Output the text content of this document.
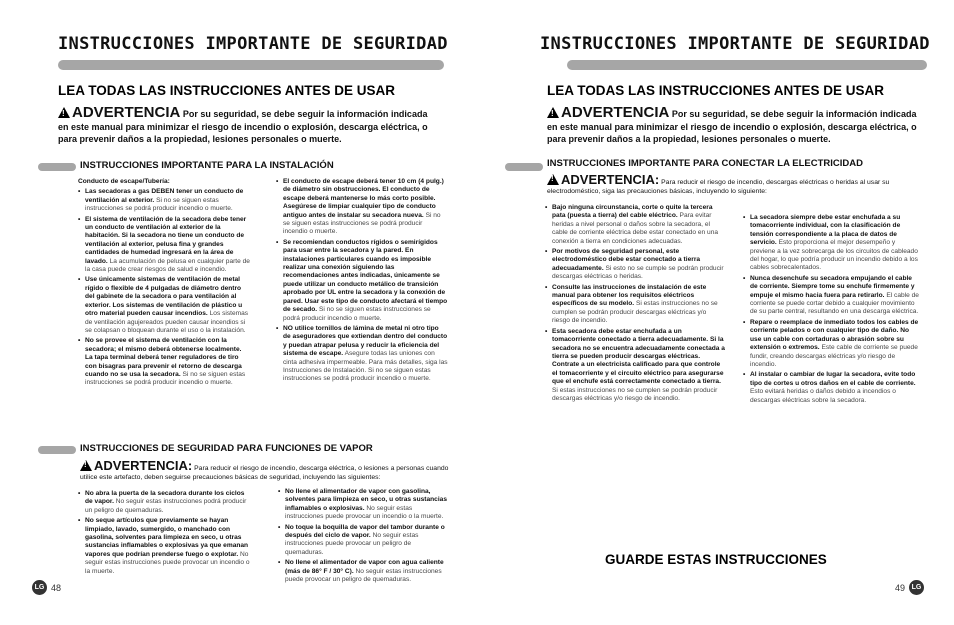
INSTRUCCIONES IMPORTANTE DE SEGURIDAD
LEA TODAS LAS INSTRUCCIONES ANTES DE USAR
!ADVERTENCIA Por su seguridad, se debe seguir la información indicada en este manual para minimizar el riesgo de incendio o explosión, descarga eléctrica, o para prevenir daños a la propiedad, lesiones personales o muerte.
INSTRUCCIONES IMPORTANTE PARA LA INSTALACIÓN
Conducto de escape/Tubería:
• Las secadoras a gas DEBEN tener un conducto de ventilación al exterior. Si no se siguen estas instrucciones se podrá producir incendio o muerte.
• El sistema de ventilación de la secadora debe tener un conducto de ventilación al exterior de la habitación. Si la secadora no tiene un conducto de ventilación al exterior, pelusa fina y grandes cantidades de humedad ingresará en la área de lavado. La acumulación de pelusa en cualquier parte de la casa puede crear riesgos de salud e incendio.
• Use únicamente sistemas de ventilación de metal rígido o flexible de 4 pulgadas de diámetro dentro del gabinete de la secadora o para ventilación al exterior. Los sistemas de ventilación de plástico u otro material pueden causar incendios. Los sistemas de ventilación agujereados pueden causar incendios si se colapsan o bloquean durante el uso o la instalación.
• No se provee el sistema de ventilación con la secadora; el mismo deberá obtenerse localmente. La tapa terminal deberá tener reguladores de tiro con bisagras para prevenir el retorno de descarga cuando no se usa la secadora. Si no se siguen estas instrucciones se podrá producir incendio o muerte.
• El conducto de escape deberá tener 10 cm (4 pulg.) de diámetro sin obstrucciones. El conducto de escape deberá mantenerse lo más corto posible. Asegúrese de limpiar cualquier tipo de conducto antiguo antes de instalar su secadora nueva. Si no se siguen estas instrucciones se podrá producir incendio o muerte.
• Se recomiendan conductos rígidos o semirígidos para usar entre la secadora y la pared. En instalaciones particulares cuando es imposible realizar una conexión siguiendo las recomendaciones antes indicadas, únicamente se puede utilizar un conducto metálico de transición aprobado por UL entre la secadora y la conexión de pared. Usar este tipo de conducto afectará el tiempo de secado. Si no se siguen estas instrucciones se podrá producir incendio o muerte.
• NO utilice tornillos de lámina de metal ni otro tipo de aseguradores que extiendan dentro del conducto y puedan atrapar pelusa y reducir la eficiencia del sistema de escape. Asegure todas las uniones con cinta adhesiva impermeable. Para más detalles, siga las Instrucciones de Instalación. Si no se siguen estas instrucciones se podrá producir incendio o muerte.
INSTRUCCIONES DE SEGURIDAD PARA FUNCIONES DE VAPOR
!ADVERTENCIA: Para reducir el riesgo de incendio, descarga eléctrica, o lesiones a personas cuando utilice este artefacto, deben seguirse precauciones básicas de seguridad, incluyendo las siguientes:
• No abra la puerta de la secadora durante los ciclos de vapor. No seguir estas instrucciones podrá producir un peligro de quemaduras.
• No seque artículos que previamente se hayan limpiado, lavado, sumergido, o manchado con gasolina, solventes para limpieza en seco, u otras sustancias inflamables o explosivas ya que emanan vapores que podrían prenderse fuego o explotar. No seguir estas instrucciones puede provocar un incendio o la muerte.
• No llene el alimentador de vapor con gasolina, solventes para limpieza en seco, u otras sustancias inflamables o explosivas. No seguir estas instrucciones puede provocar un incendio o la muerte.
• No toque la boquilla de vapor del tambor durante o después del ciclo de vapor. No seguir estas instrucciones puede provocar un peligro de quemaduras.
• No llene el alimentador de vapor con agua caliente (más de 86° F / 30° C). No seguir estas instrucciones puede provocar un peligro de quemaduras.
LG 48
INSTRUCCIONES IMPORTANTE DE SEGURIDAD
LEA TODAS LAS INSTRUCCIONES ANTES DE USAR
!ADVERTENCIA Por su seguridad, se debe seguir la información indicada en este manual para minimizar el riesgo de incendio o explosión, descarga eléctrica, o para prevenir daños a la propiedad, lesiones personales o muerte.
INSTRUCCIONES IMPORTANTE PARA CONECTAR LA ELECTRICIDAD
!ADVERTENCIA: Para reducir el riesgo de incendio, descargas eléctricas o heridas al usar su electrodoméstico, siga las precauciones básicas, incluyendo lo siguiente:
• Bajo ninguna circunstancia, corte o quite la tercera pata (puesta a tierra) del cable eléctrico. Para evitar heridas a nivel personal o daños sobre la secadora, el cable de corriente eléctrica debe estar conectado en una conexión a tierra en condiciones adecuadas.
• Por motivos de seguridad personal, este electrodoméstico debe estar conectado a tierra adecuadamente. Si esto no se cumple se podrán producir descargas eléctricas o heridas.
• Consulte las instrucciones de instalación de este manual para obtener los requisitos eléctricos específicos de su modelo. Si estas instrucciones no se cumplen se podrán producir descargas eléctricas y/o riesgo de incendio.
• Esta secadora debe estar enchufada a un tomacorriente conectado a tierra adecuadamente. Si la secadora no se encuentra adecuadamente conectada a tierra se pueden producir descargas eléctricas. Contrate a un electricista calificado para que controle el tomacorriente y el circuito eléctrico para asegurarse que el enchufe está correctamente conectado a tierra. Si estas instrucciones no se cumplen se podrán producir descargas eléctricas y/o riesgo de incendio.
• La secadora siempre debe estar enchufada a su tomacorriente individual, con la clasificación de tensión correspondiente a la placa de datos de servicio. Esto proporciona el mejor desempeño y previene a la vez sobrecarga de los circuitos de cableado del hogar, lo que podría producir un incendio debido a los cables sobrecalentados.
• Nunca desenchufe su secadora empujando el cable de corriente. Siempre tome su enchufe firmemente y empuje el mismo hacia fuera para retirarlo. El cable de corriente se puede cortar debido a cualquier movimiento de su parte central, resultando en una descarga eléctrica.
• Repare o reemplace de inmediato todos los cables de corriente pelados o con cualquier tipo de daño. No use un cable con cortaduras o abrasión sobre su extensión o extremos. Este cable de corriente se puede fundir, creando descargas eléctricas y/o riesgo de incendio.
• Al instalar o cambiar de lugar la secadora, evite todo tipo de cortes u otros daños en el cable de corriente. Esto evitará heridas o daños debido a incendios o descargas eléctricas sobre la secadora.
GUARDE ESTAS INSTRUCCIONES
49 LG
